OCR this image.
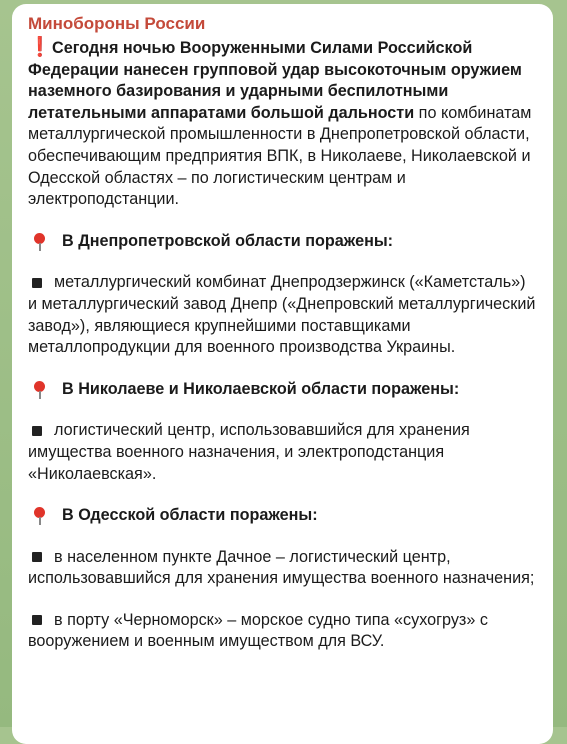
Минобороны России

❗Сегодня ночью Вооруженными Силами Российской Федерации нанесен групповой удар высокоточным оружием наземного базирования и ударными беспилотными летательными аппаратами большой дальности по комбинатам металлургической промышленности в Днепропетровской области, обеспечивающим предприятия ВПК, в Николаеве, Николаевской и Одесской областях – по логистическим центрам и электроподстанции.

В Днепропетровской области поражены:

металлургический комбинат Днепродзержинск («Каметсталь») и металлургический завод Днепр («Днепровский металлургический завод»), являющиеся крупнейшими поставщиками металлопродукции для военного производства Украины.

В Николаеве и Николаевской области поражены:

логистический центр, использовавшийся для хранения имущества военного назначения, и электроподстанция «Николаевская».

В Одесской области поражены:

в населенном пункте Дачное – логистический центр, использовавшийся для хранения имущества военного назначения;

в порту «Черноморск» – морское судно типа «сухогруз» с вооружением и военным имуществом для ВСУ.
